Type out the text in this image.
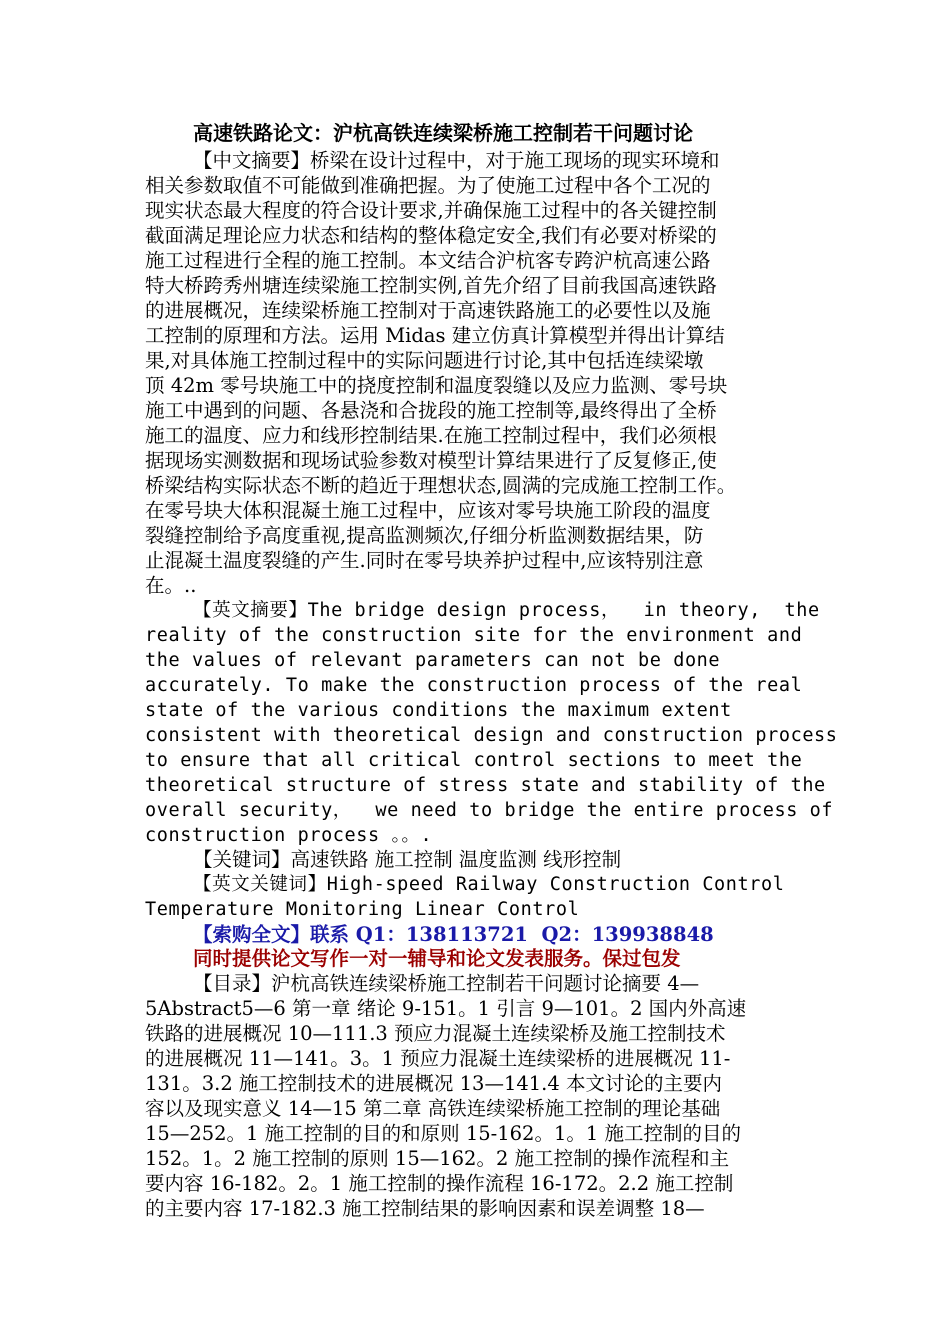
高速铁路论文：沪杭高铁连续梁桥施工控制若干问题讨论
【中文摘要】桥梁在设计过程中，对于施工现场的现实环境和
相关参数取值不可能做到准确把握。为了使施工过程中各个工况的
现实状态最大程度的符合设计要求,并确保施工过程中的各关键控制
截面满足理论应力状态和结构的整体稳定安全,我们有必要对桥梁的
施工过程进行全程的施工控制。本文结合沪杭客专跨沪杭高速公路
特大桥跨秀州塘连续梁施工控制实例,首先介绍了目前我国高速铁路
的进展概况，连续梁桥施工控制对于高速铁路施工的必要性以及施
工控制的原理和方法。运用 Midas 建立仿真计算模型并得出计算结
果,对具体施工控制过程中的实际问题进行讨论,其中包括连续梁墩
顶 42m 零号块施工中的挠度控制和温度裂缝以及应力监测、零号块
施工中遇到的问题、各悬浇和合拢段的施工控制等,最终得出了全桥
施工的温度、应力和线形控制结果.在施工控制过程中，我们必须根
据现场实测数据和现场试验参数对模型计算结果进行了反复修正,使
桥梁结构实际状态不断的趋近于理想状态,圆满的完成施工控制工作。
在零号块大体积混凝土施工过程中，应该对零号块施工阶段的温度
裂缝控制给予高度重视,提高监测频次,仔细分析监测数据结果，防
止混凝土温度裂缝的产生.同时在零号块养护过程中,应该特别注意
在。..
【英文摘要】The bridge design process，  in theory,  the
reality of the construction site for the environment and
the values of relevant parameters can not be done
accurately. To make the construction process of the real
state of the various conditions the maximum extent
consistent with theoretical design and construction process
to ensure that all critical control sections to meet the
theoretical structure of stress state and stability of the
overall security，  we need to bridge the entire process of
construction process 。。.
【关键词】高速铁路 施工控制 温度监测 线形控制
【英文关键词】High-speed Railway Construction Control
Temperature Monitoring Linear Control
【索购全文】联系 Q1：138113721  Q2：139938848
同时提供论文写作一对一辅导和论文发表服务。保过包发
【目录】沪杭高铁连续梁桥施工控制若干问题讨论摘要 4—
5Abstract5—6 第一章 绪论 9-151。1 引言 9—101。2 国内外高速
铁路的进展概况 10—111.3 预应力混凝土连续梁桥及施工控制技术
的进展概况 11—141。3。1 预应力混凝土连续梁桥的进展概况 11-
131。3.2 施工控制技术的进展概况 13—141.4 本文讨论的主要内
容以及现实意义 14—15 第二章 高铁连续梁桥施工控制的理论基础
15—252。1 施工控制的目的和原则 15-162。1。1 施工控制的目的
152。1。2 施工控制的原则 15—162。2 施工控制的操作流程和主
要内容 16-182。2。1 施工控制的操作流程 16-172。2.2 施工控制
的主要内容 17-182.3 施工控制结果的影响因素和误差调整 18—
